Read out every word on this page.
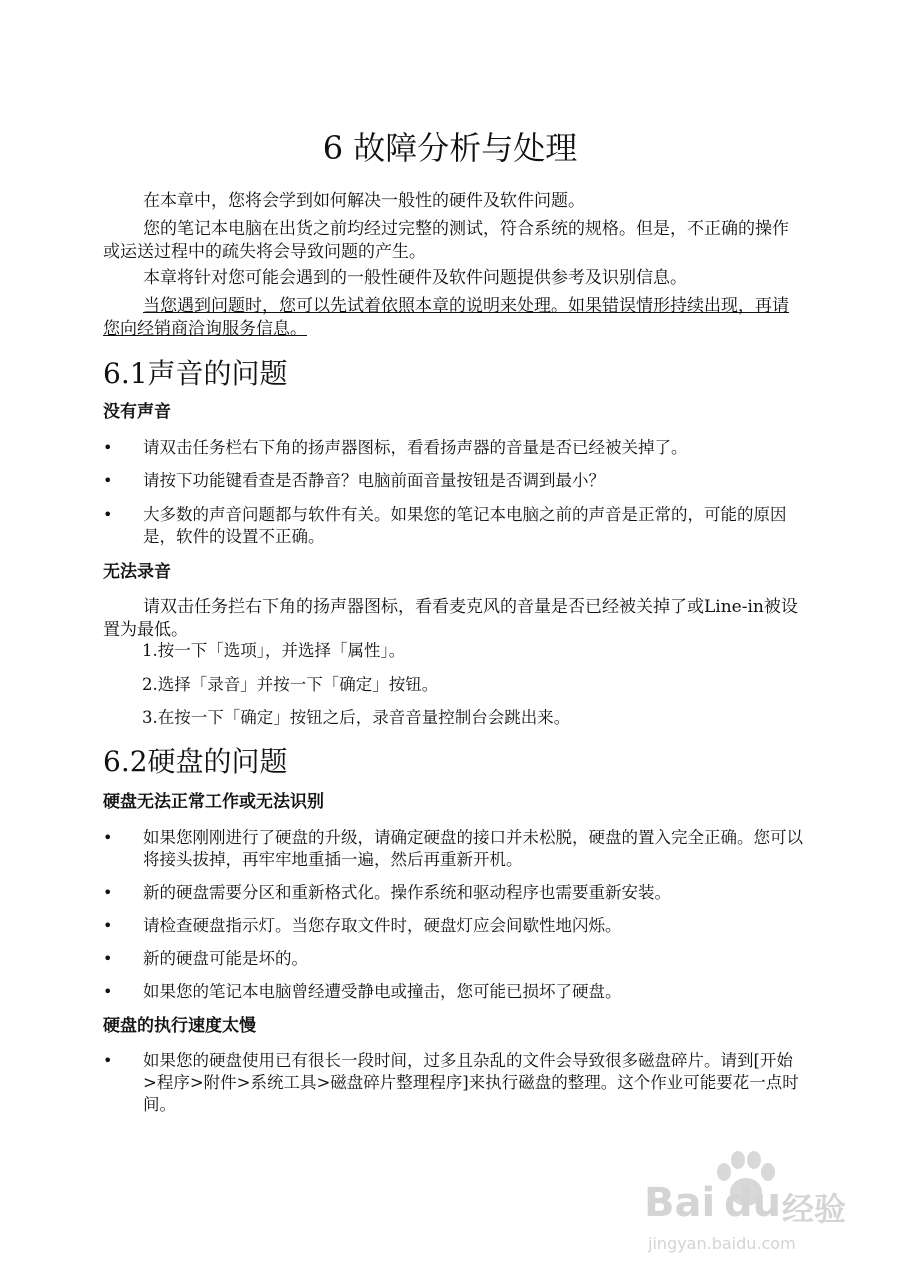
6 故障分析与处理

在本章中，您将会学到如何解决一般性的硬件及软件问题。

您的笔记本电脑在出货之前均经过完整的测试，符合系统的规格。但是，不正确的操作或运送过程中的疏失将会导致问题的产生。

本章将针对您可能会遇到的一般性硬件及软件问题提供参考及识别信息。

当您遇到问题时，您可以先试着依照本章的说明来处理。如果错误情形持续出现，再请您向经销商洽询服务信息。

6.1声音的问题
没有声音
•	请双击任务栏右下角的扬声器图标，看看扬声器的音量是否已经被关掉了。
•	请按下功能键看查是否静音？电脑前面音量按钮是否调到最小？
•	大多数的声音问题都与软件有关。如果您的笔记本电脑之前的声音是正常的，可能的原因是，软件的设置不正确。
无法录音

请双击任务拦右下角的扬声器图标，看看麦克风的音量是否已经被关掉了或Line-in被设置为最低。

1.按一下「选项」，并选择「属性」。
2.选择「录音」并按一下「确定」按钮。
3.在按一下「确定」按钮之后，录音音量控制台会跳出来。
6.2硬盘的问题
硬盘无法正常工作或无法识别
•	如果您刚刚进行了硬盘的升级，请确定硬盘的接口并未松脱，硬盘的置入完全正确。您可以将接头拔掉，再牢牢地重插一遍，然后再重新开机。
•	新的硬盘需要分区和重新格式化。操作系统和驱动程序也需要重新安装。
•	请检查硬盘指示灯。当您存取文件时，硬盘灯应会间歇性地闪烁。
•	新的硬盘可能是坏的。
•	如果您的笔记本电脑曾经遭受静电或撞击，您可能已损坏了硬盘。
硬盘的执行速度太慢
•	如果您的硬盘使用已有很长一段时间，过多且杂乱的文件会导致很多磁盘碎片。请到[开始>程序>附件>系统工具>磁盘碎片整理程序]来执行磁盘的整理。这个作业可能要花一点时间。
Bai du 经验
jingyan.baidu.com
